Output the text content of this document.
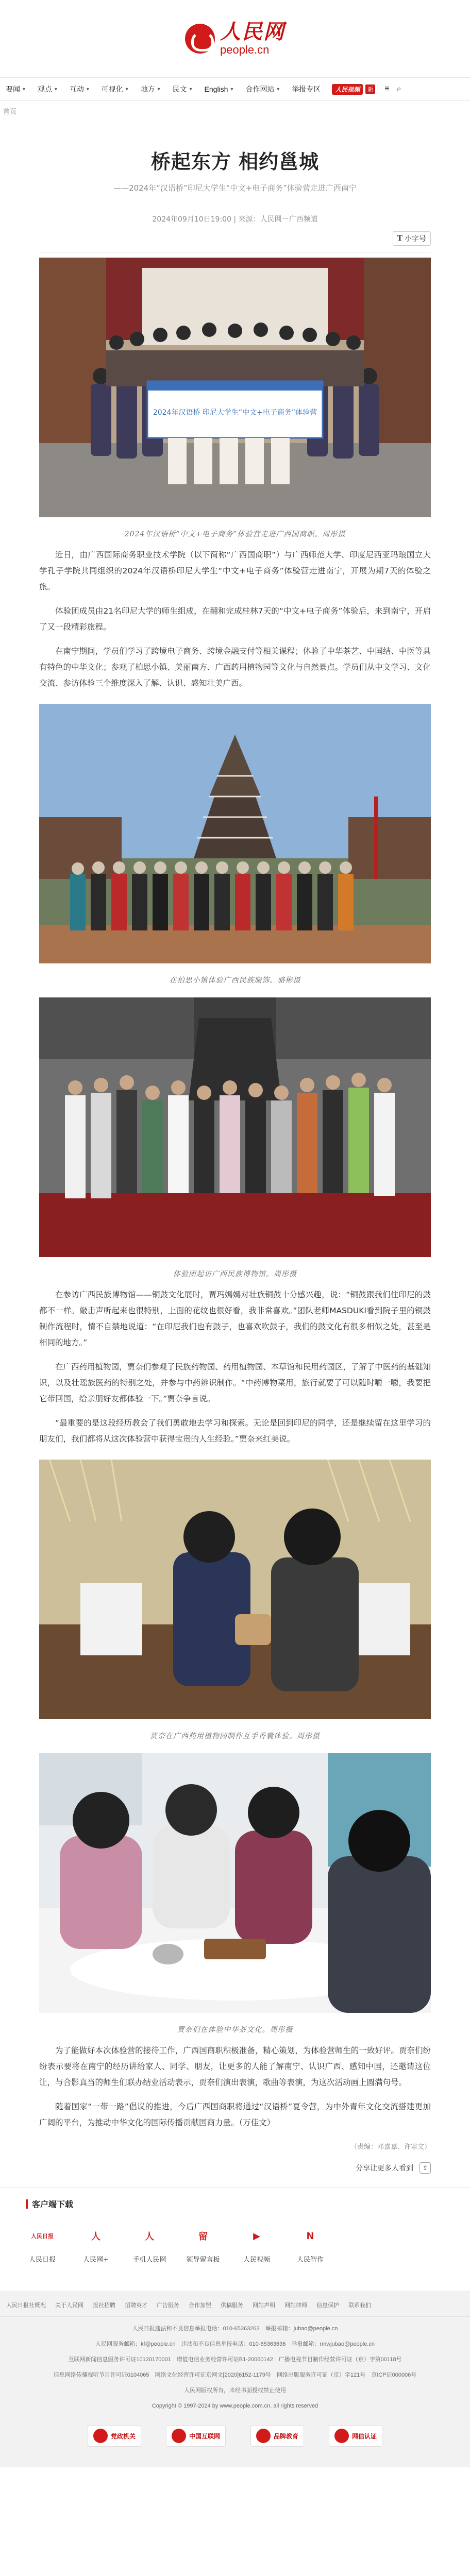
人民网
people.cn
要闻 ▼ 观点 ▼ 互动 ▼ 可视化 ▼ 地方 ▼ 民文 ▼ English ▼ 合作网站 ▼ 举报专区	人民视频	新	≡ ⌕
首页
桥起东方 相约邕城
——2024年“汉语桥”印尼大学生“中文+电子商务”体验营走进广西南宁
2024年09月10日19:00 | 来源：人民网－广西频道
T 小字号
2024年汉语桥 印尼大学生“中文+电子商务”体验营
2024年汉语桥“中文+电子商务”体验营走进广西国商职。周彤摄

近日，由广西国际商务职业技术学院（以下简称“广西国商职”）与广西师范大学、印度尼西亚玛琅国立大学孔子学院共同组织的2024年汉语桥印尼大学生“中文+电子商务”体验营走进南宁，开展为期7天的体验之旅。

体验团成员由21名印尼大学的师生组成，在翻和完成桂林7天的“中文+电子商务”体验后，来到南宁，开启了又一段精彩旅程。

在南宁期间，学员们学习了跨境电子商务、跨境金融支付等相关课程；体验了中华茶艺、中国结、中医等具有特色的中华文化；参观了柏思小镇、美丽南方、广西药用植物园等文化与自然景点。学员们从中文学习、文化交流、参访体验三个维度深入了解、认识、感知壮美广西。

在柏思小镇体验广西民族服饰。骆彬摄
体验团起访广西民族博物馆。周彤摄

在参访广西民族博物馆——铜鼓文化展时，贾玛嫣嫣对壮族铜鼓十分感兴趣，说：“铜鼓跟我们住印尼的鼓都不一样。敲击声听起来也很特别，上面的花纹也很好看，我非常喜欢。”团队老师MASDUKI看到院子里的铜鼓制作流程时，情不自禁地说道：“在印尼我们也有鼓子，也喜欢吹鼓子，我们的鼓文化有很多相似之处，甚至是相同的地方。”

在广西药用植物园，贾奈们参观了民族药物园、药用植物园、本草馆和民用药园区，了解了中医药的基础知识，以及壮瑶族医药的特别之处，并参与中药辨识制作。“中药博物菜用，旅行就要了可以随时嚼一嚼，我要把它带回国，给亲朋好友都体验一下。”贾奈争言说。

“最重要的是这段经历教会了我们勇敢地去学习和探索。无论是回到印尼的同学，还是继续留在这里学习的朋友们，我们都将从这次体验营中获得宝贵的人生经验。”贾奈来红美说。

贾奈在广西药用植物园制作互手香囊体验。周彤摄
贾奈们在体验中华茶文化。周彤摄

为了能做好本次体验营的接待工作，广西国商职积极准备，精心策划，为体验营师生的一致好评。贾奈们纷纷表示要将在南宁的经历讲给家人、同学、朋友，让更多的人能了解南宁、认识广西、感知中国，还邀请这位让，与合影真当的师生们联办结业活动表示，贾奈们演出表演，歌曲等表演，为这次活动画上圆满句号。

随着国家“一带一路”倡议的推进，今后广西国商职将通过“汉语桥”夏令营，为中外青年文化交流搭建更加广阔的平台，为推动中华文化的国际传播贡献国商力量。（万佳文）

（责编：邓嘉嘉、许寒文）
分享让更多人看到	⇪
客户端下载
人民日报
人民日报
人
人民网+
人
手机人民网
留
领导留言板
▶
人民视频
N
人民智作
人民日报社概况 关于人民网 报社招聘 招聘英才 广告服务 合作加盟 供稿服务 网站声明 网站律师 信息保护 联系我们
人民日报违法和不良信息举报电话：010-65363263　举报邮箱：jubao@people.cn
人民网服务邮箱：kf@people.cn　违法和不良信息举报电话：010-65363636　举报邮箱：rmwjubao@people.cn
互联网新闻信息服务许可证10120170001　增值电信业务经营许可证B1-20060142　广播电视节目制作经营许可证（京）字第00118号
信息网络传播视听节目许可证0104065　网络文化经营许可证京网文[2020]6152-1179号　网络出版服务许可证（京）字121号　京ICP证000006号
人民网版权所有，未经书面授权禁止使用
Copyright © 1997-2024 by www.people.com.cn. all rights reserved
党政机关	中国互联网	品牌教育	网信认证
